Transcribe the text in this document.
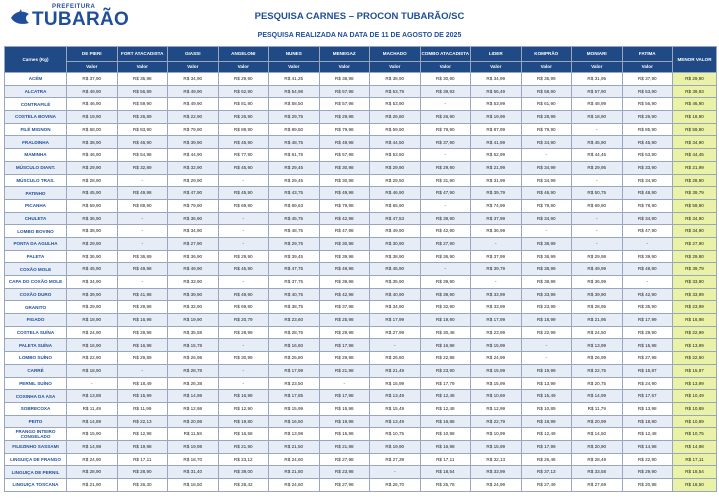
PREFEITURA
TUBARÃO	PESQUISA CARNES – PROCON TUBARÃO/SC
PESQUISA REALIZADA NA DATA DE 11 DE AGOSTO DE 2025
Carnes (Kg)	DE PIERI	FORT ATACADISTA	GIASSI	ANGELONI	NUNES	MENEGAZ	MACHADO	COMBO ATACADISTA	LIDER	KOMPRÃO	MONIARI	FATIMA	MENOR VALOR
	Valor	Valor	Valor	Valor	Valor	Valor	Valor	Valor	Valor	Valor	Valor	Valor	
ACÉM	R$ 37,90	R$ 35,98	R$ 34,90	R$ 29,90	R$ 41,25	R$ 38,98	R$ 38,90	R$ 30,90	R$ 34,99	R$ 35,99	R$ 31,95	R$ 37,90	R$ 29,90
ALCATRA	R$ 49,90	R$ 56,89	R$ 49,90	R$ 62,90	R$ 54,98	R$ 57,98	R$ 53,79	R$ 39,93	R$ 56,49	R$ 58,90	R$ 57,90	R$ 53,90	R$ 39,93
CONTRAFILÉ	R$ 46,90	R$ 59,90	R$ 49,90	R$ 81,90	R$ 58,50	R$ 57,98	R$ 53,90	-	R$ 53,99	R$ 61,90	R$ 48,99	R$ 56,90	R$ 46,90
COSTELA BOVINA	R$ 19,90	R$ 26,89	R$ 22,90	R$ 26,90	R$ 29,75	R$ 29,98	R$ 26,80	R$ 26,90	R$ 19,99	R$ 28,99	R$ 18,90	R$ 26,90	R$ 18,90
FILÉ MIGNON	R$ 68,00	R$ 83,90	R$ 79,90	R$ 89,90	R$ 89,50	R$ 79,98	R$ 59,90	R$ 79,90	R$ 87,99	R$ 79,90	-	R$ 85,90	R$ 59,90
FRALDINHA	R$ 38,90	R$ 46,90	R$ 39,90	R$ 45,90	R$ 48,75	R$ 49,98	R$ 44,50	R$ 37,90	R$ 41,99	R$ 34,90	R$ 45,90	R$ 45,90	R$ 34,90
MAMINHA	R$ 46,90	R$ 54,98	R$ 44,90	R$ 77,90	R$ 61,75	R$ 57,98	R$ 53,50	-	R$ 52,99	-	R$ 44,45	R$ 53,90	R$ 44,45
MÚSCULO DIANT.	R$ 29,90	R$ 32,89	R$ 32,90	R$ 45,90	R$ 29,45	R$ 30,98	R$ 29,90	R$ 29,90	R$ 21,99	R$ 34,99	R$ 29,95	R$ 33,90	R$ 21,99
MÚSCULO TRAS.	R$ 28,90	-	R$ 29,90	-	R$ 29,45	R$ 30,98	R$ 29,50	R$ 31,90	R$ 31,99	R$ 34,99	-	R$ 34,90	R$ 28,90
PATINHO	R$ 45,90	R$ 49,98	R$ 47,90	R$ 45,90	R$ 43,75	R$ 49,98	R$ 46,90	R$ 47,90	R$ 39,79	R$ 46,90	R$ 50,75	R$ 48,90	R$ 39,79
PICANHA	R$ 59,90	R$ 89,90	R$ 79,90	R$ 69,90	R$ 89,63	R$ 79,98	R$ 65,90	-	R$ 74,99	R$ 78,90	R$ 69,90	R$ 78,90	R$ 59,90
CHULETA	R$ 36,90	-	R$ 36,90	-	R$ 45,75	R$ 42,98	R$ 47,53	R$ 39,90	R$ 37,99	R$ 34,90	-	R$ 34,90	R$ 34,90
LOMBO BOVINO	R$ 38,90	-	R$ 34,90	-	R$ 48,75	R$ 47,98	R$ 49,90	R$ 42,90	R$ 36,99	-	-	R$ 47,90	R$ 34,90
PONTA DA AGULHA	R$ 29,90	-	R$ 27,90	-	R$ 29,75	R$ 30,98	R$ 30,90	R$ 27,90	-	R$ 38,99	-	-	R$ 27,90
PALETA	R$ 36,90	R$ 36,89	R$ 36,90	R$ 29,90	R$ 39,45	R$ 39,98	R$ 38,90	R$ 36,90	R$ 37,99	R$ 36,99	R$ 29,98	R$ 39,90	R$ 29,90
COXÃO MOLE	R$ 45,90	R$ 49,98	R$ 49,90	R$ 45,90	R$ 47,75	R$ 49,98	R$ 45,90	-	R$ 39,79	R$ 38,99	R$ 49,99	R$ 48,90	R$ 39,79
CAPA DO COXÃO MOLE	R$ 34,90	-	R$ 33,90	-	R$ 37,75	R$ 39,98	R$ 35,90	R$ 39,90	-	R$ 38,99	R$ 36,99	-	R$ 33,90
COXÃO DURO	R$ 39,90	R$ 41,98	R$ 39,90	R$ 49,90	R$ 40,75	R$ 42,98	R$ 40,90	R$ 39,90	R$ 33,99	R$ 33,99	R$ 39,90	R$ 42,90	R$ 33,99
GRANITO	R$ 29,90	R$ 29,98	R$ 32,90	R$ 69,90	R$ 38,75	R$ 37,98	R$ 34,90	R$ 32,90	R$ 33,99	R$ 23,99	R$ 28,95	R$ 35,90	R$ 23,99
FIGADO	R$ 18,90	R$ 16,98	R$ 19,90	R$ 20,79	R$ 23,60	R$ 25,98	R$ 17,99	R$ 19,90	R$ 17,99	R$ 18,99	R$ 21,95	R$ 17,99	R$ 16,98
COSTELA SUÍNA	R$ 24,90	R$ 29,98	R$ 35,58	R$ 28,99	R$ 28,75	R$ 29,98	R$ 27,99	R$ 30,48	R$ 23,99	R$ 22,99	R$ 24,50	R$ 29,90	R$ 22,99
PALETA SUÍNA	R$ 16,90	R$ 16,98	R$ 15,78	-	R$ 16,60	R$ 17,98	-	R$ 16,98	R$ 15,99	-	R$ 13,99	R$ 15,98	R$ 13,99
LOMBO SUÍNO	R$ 22,90	R$ 29,89	R$ 26,98	R$ 30,99	R$ 25,80	R$ 29,98	R$ 26,80	R$ 22,98	R$ 24,99	-	R$ 26,99	R$ 27,98	R$ 22,60
CARRÉ	R$ 18,90	-	R$ 28,78	-	R$ 17,99	R$ 21,98	R$ 21,49	R$ 23,90	R$ 15,99	R$ 19,99	R$ 22,75	R$ 15,87	R$ 15,87
PERNIL SUÍNO	-	R$ 18,49	R$ 26,38	-	R$ 23,50	-	R$ 15,99	R$ 17,79	R$ 15,99	R$ 13,99	R$ 20,75	R$ 24,90	R$ 13,99
COXINHA DA ASA	R$ 13,88	R$ 15,99	R$ 14,98	R$ 16,99	R$ 17,85	R$ 17,98	R$ 13,49	R$ 12,48	R$ 10,69	R$ 15,49	R$ 14,99	R$ 17,57	R$ 10,49
SOBRECOXA	R$ 11,49	R$ 11,99	R$ 12,98	R$ 12,90	R$ 15,99	R$ 15,98	R$ 15,49	R$ 12,48	R$ 12,99	R$ 10,89	R$ 11,79	R$ 13,98	R$ 10,89
PEITO	R$ 14,89	R$ 22,13	R$ 20,98	R$ 19,80	R$ 16,50	R$ 19,98	R$ 13,49	R$ 16,88	R$ 22,79	R$ 18,99	R$ 20,99	R$ 18,90	R$ 10,89
FRANGO INTEIRO CONGELADO	R$ 15,90	R$ 12,98	R$ 11,58	R$ 16,58	R$ 13,98	R$ 15,98	R$ 10,75	R$ 10,98	R$ 10,99	R$ 12,49	R$ 14,50	R$ 12,48	R$ 10,75
FILEZINHO SASSAMI	R$ 14,98	R$ 19,98	R$ 19,98	R$ 21,90	R$ 21,50	R$ 21,98	R$ 19,90	R$ 16,98	R$ 15,99	R$ 17,99	R$ 20,90	R$ 14,98	R$ 14,98
LINGUIÇA DE FRANGO	R$ 24,90	R$ 17,11	R$ 18,70	R$ 23,12	R$ 24,60	R$ 27,98	R$ 27,39	R$ 17,11	R$ 32,13	R$ 26,46	R$ 28,49	R$ 22,90	R$ 17,11
LINGUIÇA DE PERNIL	R$ 28,90	R$ 28,90	R$ 31,40	R$ 39,00	R$ 21,80	R$ 23,98	-	R$ 18,54	R$ 33,99	R$ 37,13	R$ 33,58	R$ 29,90	R$ 18,54
LINGUIÇA TOSCANA	R$ 21,90	R$ 26,30	R$ 18,50	R$ 28,42	R$ 24,60	R$ 27,98	R$ 26,70	R$ 25,78	R$ 24,99	R$ 27,49	R$ 27,69	R$ 20,98	R$ 18,50
